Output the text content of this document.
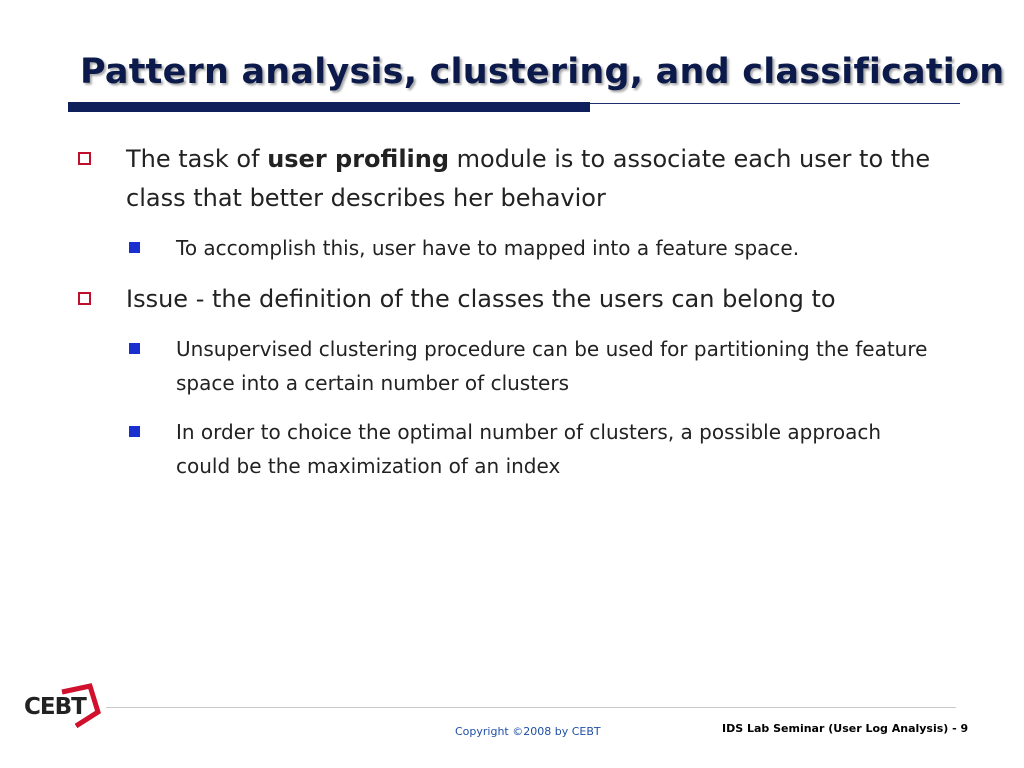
Pattern analysis, clustering, and classification
The task of user profiling module is to associate each user to the class that better describes her behavior
To accomplish this, user have to mapped into a feature space.
Issue - the definition of the classes the users can belong to
Unsupervised clustering procedure can be used for partitioning the feature space into a certain number of clusters
In order to choice the optimal number of clusters, a possible approach could be the maximization of an index
CEBT
Copyright ©2008 by CEBT	IDS Lab Seminar (User Log Analysis) - 9
